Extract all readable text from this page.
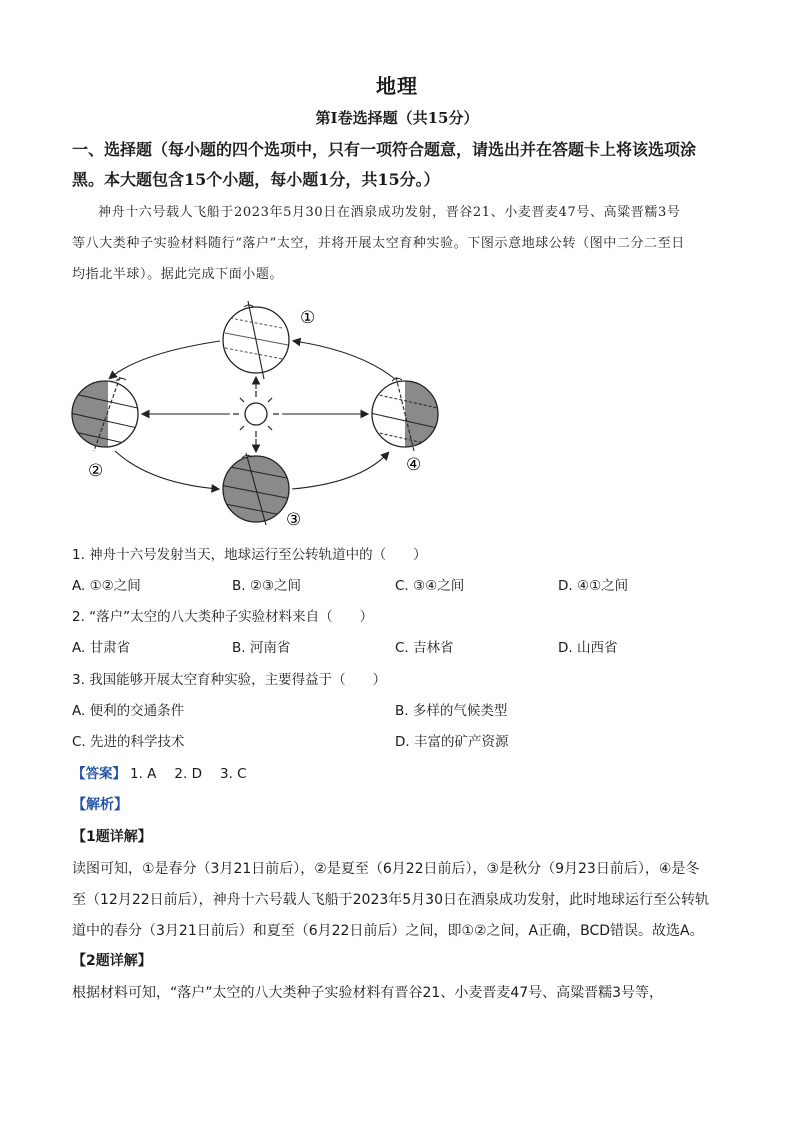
地理
第Ⅰ卷选择题（共15分）
一、选择题（每小题的四个选项中，只有一项符合题意，请选出并在答题卡上将该选项涂
黑。本大题包含15个小题，每小题1分，共15分。）
神舟十六号载人飞船于2023年5月30日在酒泉成功发射，晋谷21、小麦晋麦47号、高粱晋糯3号
等八大类种子实验材料随行“落户”太空，并将开展太空育种实验。下图示意地球公转（图中二分二至日
均指北半球）。据此完成下面小题。
①
②
③
④
1. 神舟十六号发射当天，地球运行至公转轨道中的（　　）
A. ①②之间	B. ②③之间	C. ③④之间	D. ④①之间
2. “落户”太空的八大类种子实验材料来自（　　）
A. 甘肃省	B. 河南省	C. 吉林省	D. 山西省
3. 我国能够开展太空育种实验，主要得益于（　　）
A. 便利的交通条件	B. 多样的气候类型
C. 先进的科学技术	D. 丰富的矿产资源
【答案】 1. A 2. D 3. C
【解析】
【1题详解】
读图可知，①是春分（3月21日前后），②是夏至（6月22日前后），③是秋分（9月23日前后），④是冬
至（12月22日前后），神舟十六号载人飞船于2023年5月30日在酒泉成功发射，此时地球运行至公转轨
道中的春分（3月21日前后）和夏至（6月22日前后）之间，即①②之间，A正确，BCD错误。故选A。
【2题详解】
根据材料可知，“落户”太空的八大类种子实验材料有晋谷21、小麦晋麦47号、高粱晋糯3号等，
